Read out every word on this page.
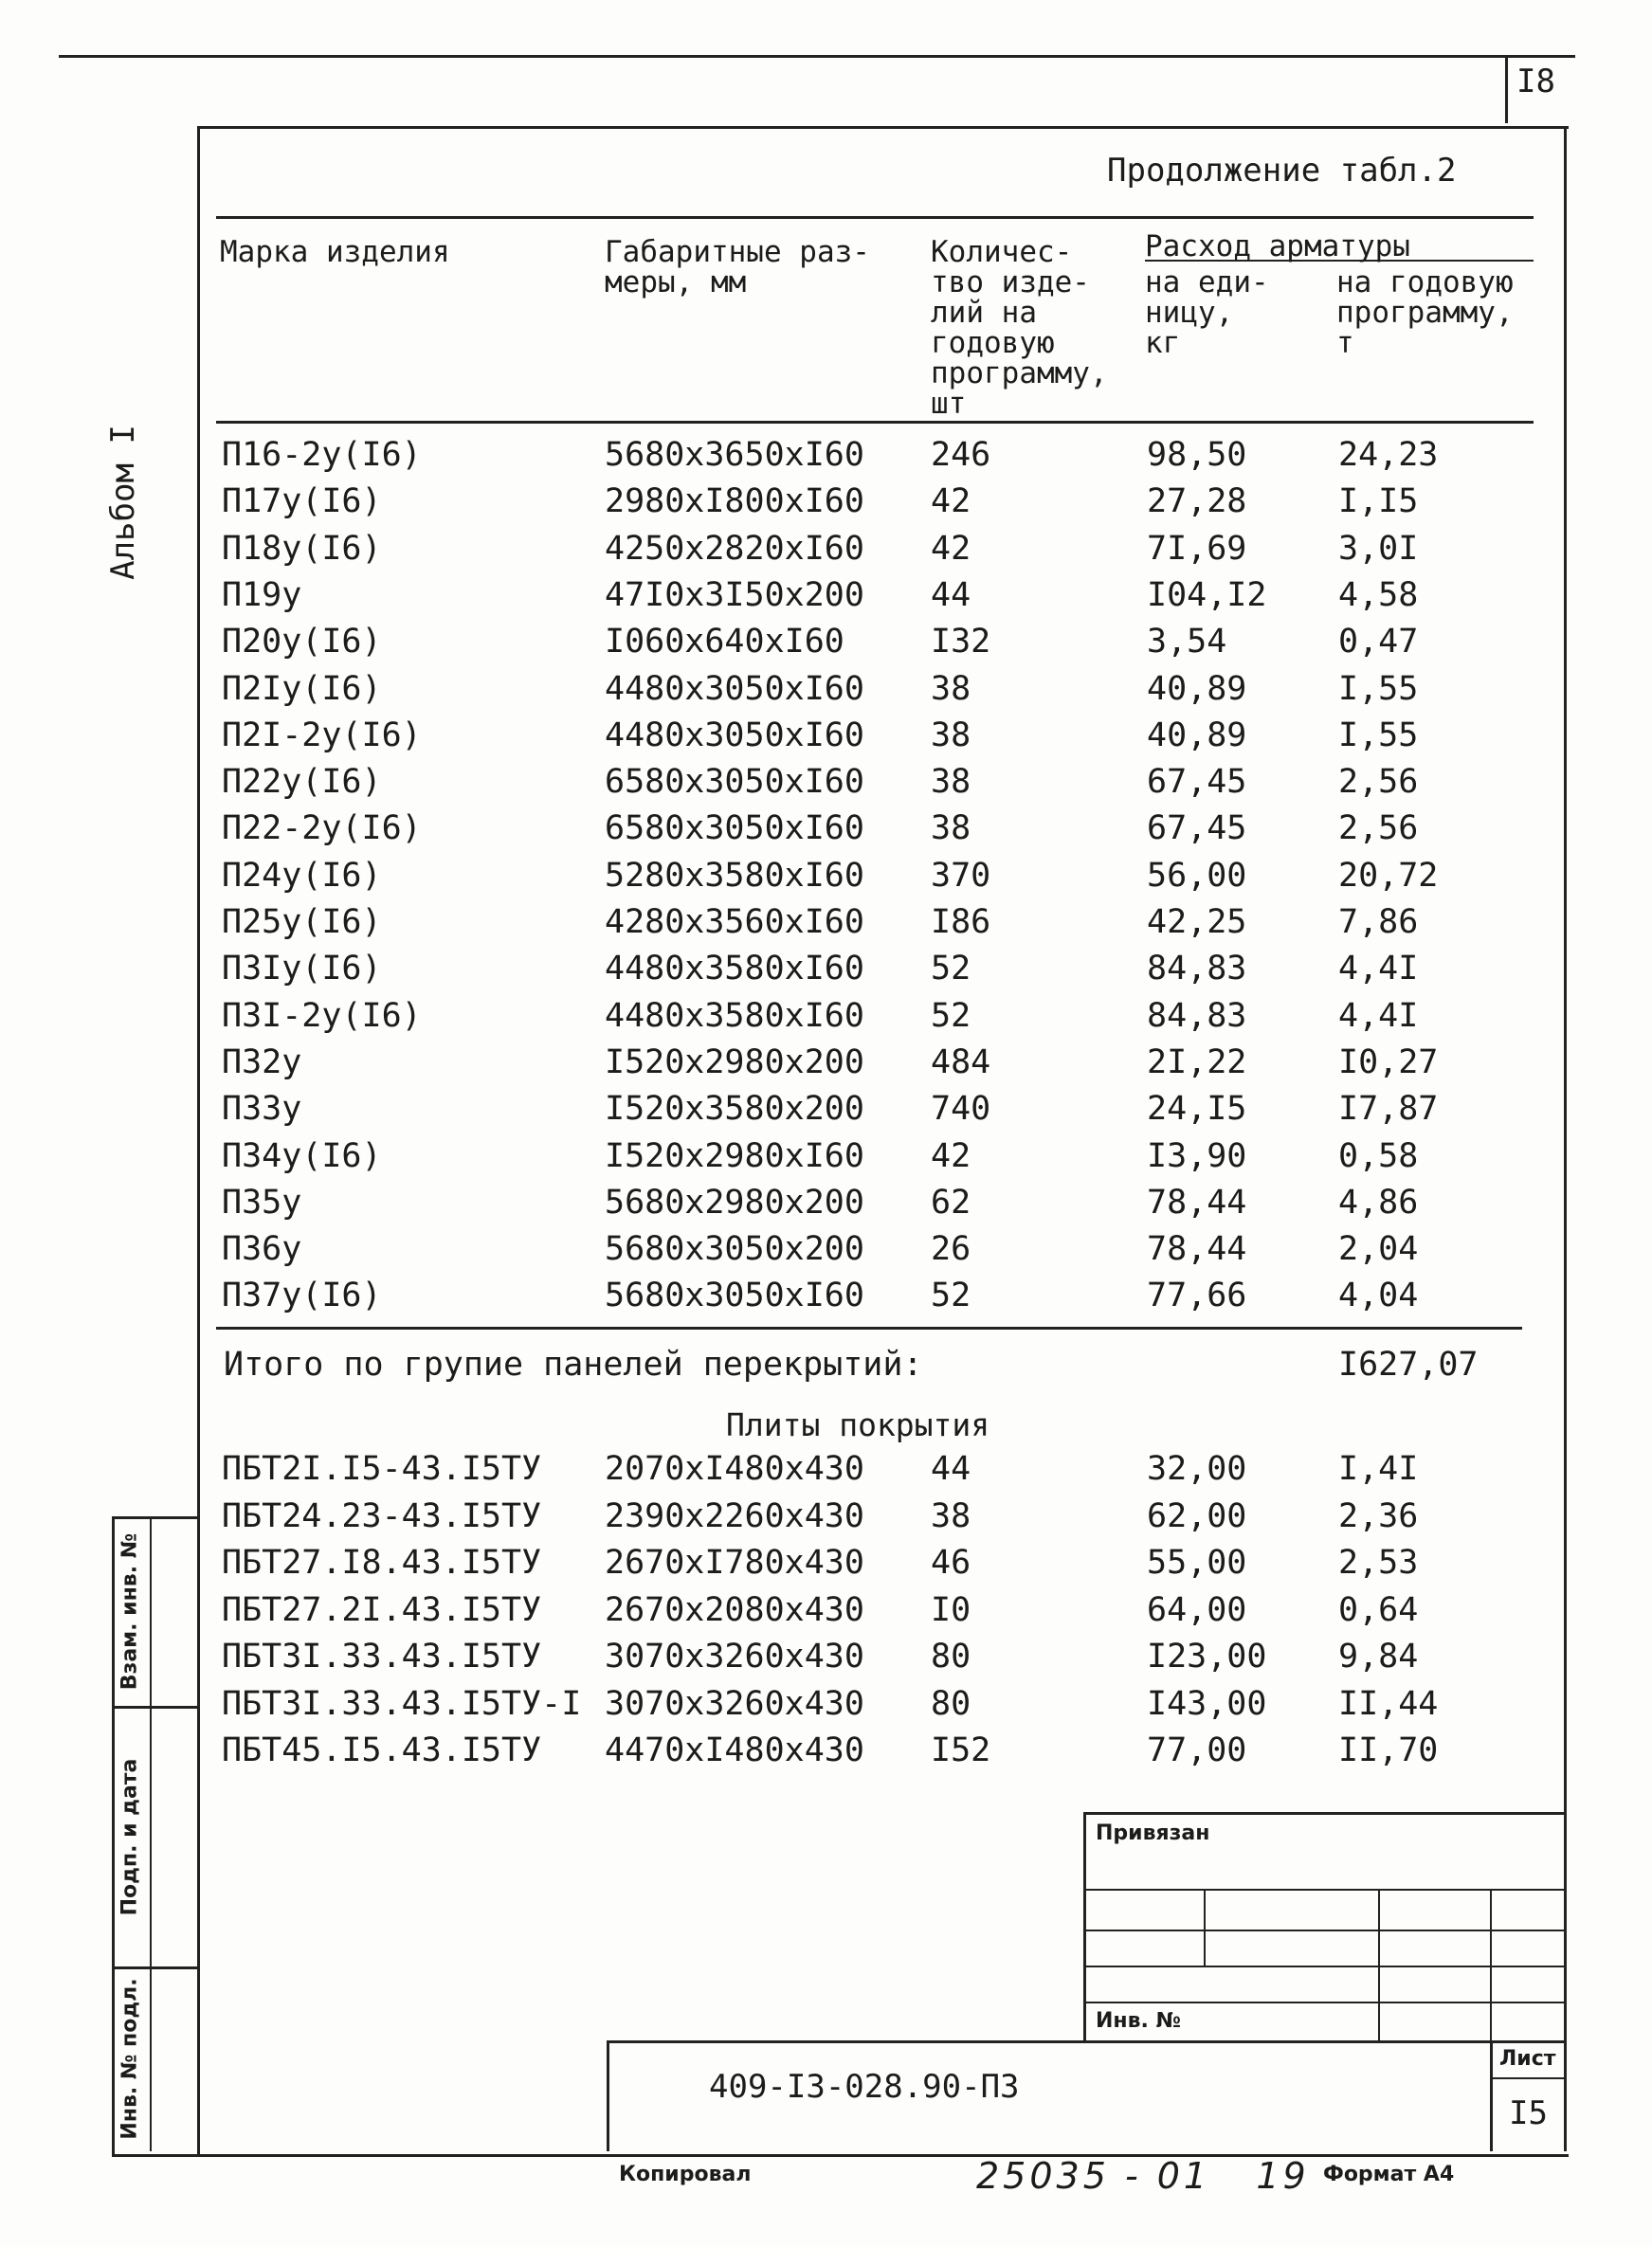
I8
Альбом I
Взам. инв. №
Подп. и дата
Инв. № подл.
Продолжение табл.2
Марка изделия	Габаритные раз-
меры, мм
Количес-
тво изде-
лий на
годовую
программу,
шт
Расход арматуры
на еди-
ницу,
кг
на годовую
программу,
т
П16-2у(I6)	5680x3650xI60 246	98,50	24,23
П17у(I6)	2980xI800xI60 42	27,28	I,I5
П18у(I6)	4250x2820xI60 42	7I,69	3,0I
П19у	47I0x3I50x200 44	I04,I2 4,58
П20у(I6)	I060x640xI60	I32	3,54	0,47
П2Iу(I6)	4480x3050xI60 38	40,89	I,55
П2I-2у(I6)	4480x3050xI60 38	40,89	I,55
П22у(I6)	6580x3050xI60 38	67,45	2,56
П22-2у(I6)	6580x3050xI60 38	67,45	2,56
П24у(I6)	5280x3580xI60 370	56,00	20,72
П25у(I6)	4280x3560xI60 I86	42,25	7,86
П3Iу(I6)	4480x3580xI60 52	84,83	4,4I
П3I-2у(I6)	4480x3580xI60 52	84,83	4,4I
П32у	I520x2980x200 484	2I,22	I0,27
П33у	I520x3580x200 740	24,I5	I7,87
П34у(I6)	I520x2980xI60 42	I3,90	0,58
П35у	5680x2980x200 62	78,44	4,86
П36у	5680x3050x200 26	78,44	2,04
П37у(I6)	5680x3050xI60 52	77,66	4,04
Итого по групие панелей перекрытий:	I627,07
Плиты покрытия
ПБТ2I.I5-43.I5ТУ 2070xI480x430 44	32,00	I,4I
ПБТ24.23-43.I5ТУ 2390x2260x430 38	62,00	2,36
ПБТ27.I8.43.I5ТУ 2670xI780x430 46	55,00	2,53
ПБТ27.2I.43.I5ТУ 2670x2080x430 I0	64,00	0,64
ПБТ3I.33.43.I5ТУ 3070x3260x430 80	I23,00 9,84
ПБТ3I.33.43.I5ТУ-I 3070x3260x430 80	I43,00 II,44
ПБТ45.I5.43.I5ТУ 4470xI480x430 I52	77,00	II,70
Привязан
Инв. №
409-I3-028.90-ПЗ
Лист
I5
Копировал	25035 - 01   19 Формат А4
